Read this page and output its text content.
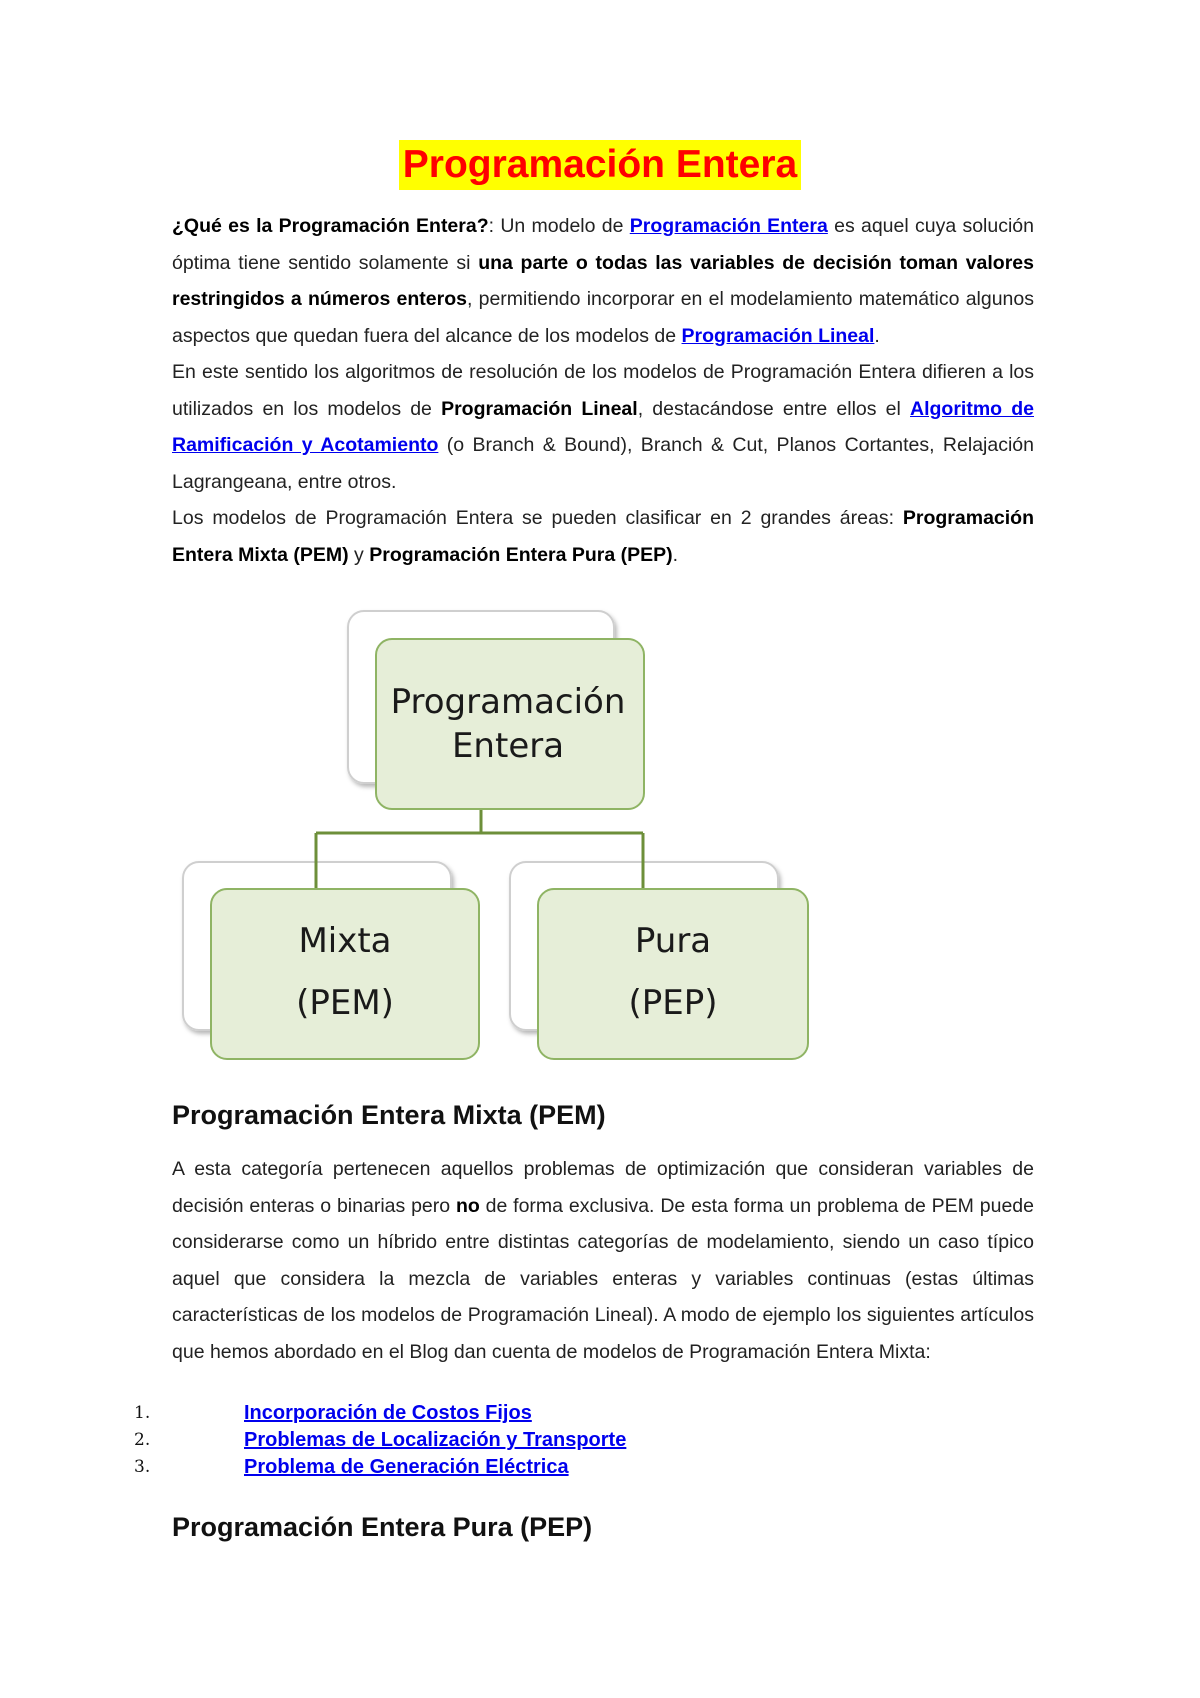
Programación Entera

¿Qué es la Programación Entera?: Un modelo de Programación Entera es aquel cuya solución óptima tiene sentido solamente si una parte o todas las variables de decisión toman valores restringidos a números enteros, permitiendo incorporar en el modelamiento matemático algunos aspectos que quedan fuera del alcance de los modelos de Programación Lineal.

En este sentido los algoritmos de resolución de los modelos de Programación Entera difieren a los utilizados en los modelos de Programación Lineal, destacándose entre ellos el Algoritmo de Ramificación y Acotamiento (o Branch & Bound), Branch & Cut, Planos Cortantes, Relajación Lagrangeana, entre otros.

Los modelos de Programación Entera se pueden clasificar en 2 grandes áreas: Programación Entera Mixta (PEM) y Programación Entera Pura (PEP).

Programación
Entera
Mixta
(PEM)
Pura
(PEP)
Programación Entera Mixta (PEM)

A esta categoría pertenecen aquellos problemas de optimización que consideran variables de decisión enteras o binarias pero no de forma exclusiva. De esta forma un problema de PEM puede considerarse como un híbrido entre distintas categorías de modelamiento, siendo un caso típico aquel que considera la mezcla de variables enteras y variables continuas (estas últimas características de los modelos de Programación Lineal). A modo de ejemplo los siguientes artículos que hemos abordado en el Blog dan cuenta de modelos de Programación Entera Mixta:

1.	Incorporación de Costos Fijos
2.	Problemas de Localización y Transporte
3.	Problema de Generación Eléctrica
Programación Entera Pura (PEP)
